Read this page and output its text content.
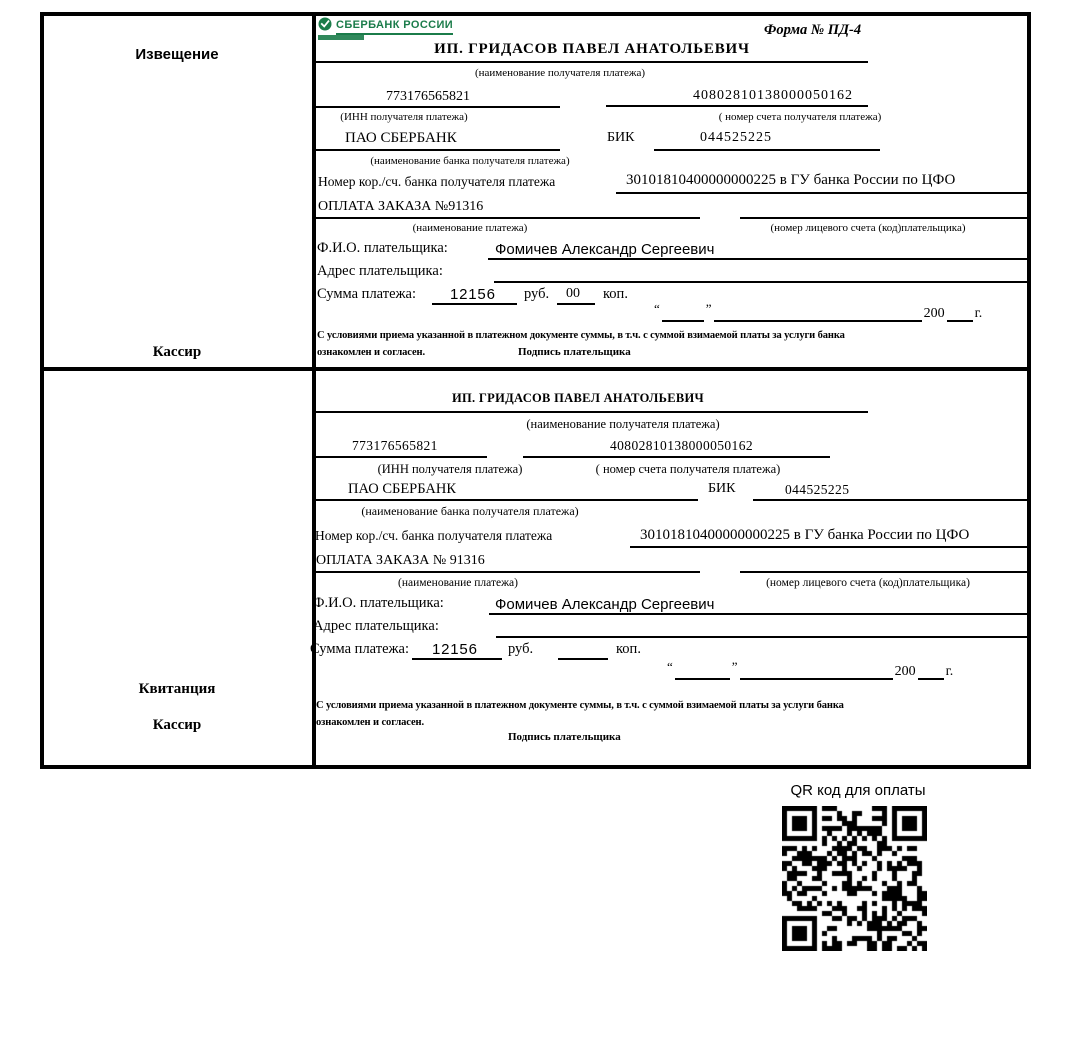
Извещение
Кассир
СБЕРБАНК РОССИИ	Форма № ПД-4
ИП. ГРИДАСОВ ПАВЕЛ АНАТОЛЬЕВИЧ
(наименование получателя платежа)
773176565821	40802810138000050162
(ИНН получателя платежа)	( номер счета получателя платежа)
ПАО СБЕРБАНК	БИК	044525225
(наименование банка получателя платежа)
Номер кор./сч. банка получателя платежа	30101810400000000225 в ГУ банка России по ЦФО
ОПЛАТА ЗАКАЗА №91316
(наименование платежа)	(номер лицевого счета (код)плательщика)
Ф.И.О. плательщика:	Фомичев Александр Сергеевич
Адрес плательщика:
Сумма платежа: 12156 руб. 00 коп.
“	”	200 г.
С условиями приема указанной в платежном документе суммы, в т.ч. с суммой взимаемой платы за услуги банка
ознакомлен и согласен.	Подпись плательщика
Квитанция
Кассир
ИП. ГРИДАСОВ ПАВЕЛ АНАТОЛЬЕВИЧ
(наименование получателя платежа)
773176565821	40802810138000050162
(ИНН получателя платежа)	( номер счета получателя платежа)
ПАО СБЕРБАНК	БИК	044525225
(наименование банка получателя платежа)
Номер кор./сч. банка получателя платежа	30101810400000000225 в ГУ банка России по ЦФО
ОПЛАТА ЗАКАЗА № 91316
(наименование платежа)	(номер лицевого счета (код)плательщика)
Ф.И.О. плательщика:	Фомичев Александр Сергеевич
Адрес плательщика:
Сумма платежа: 12156 руб.	коп.
“	”	200 г.
С условиями приема указанной в платежном документе суммы, в т.ч. с суммой взимаемой платы за услуги банка
ознакомлен и согласен.
Подпись плательщика
QR код для оплаты
